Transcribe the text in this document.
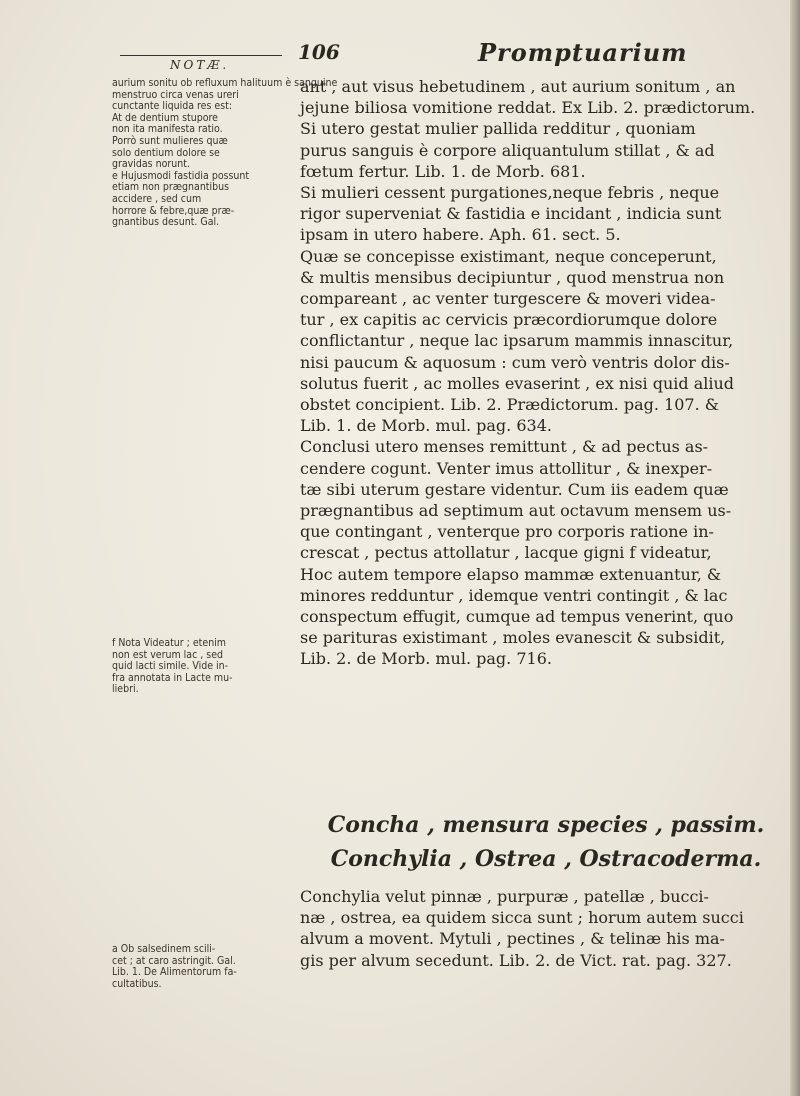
NOTÆ.
106	Promptuarium
aurium sonitu ob refluxum halituum è sanguine
menstruo circa venas ureri
cunctante liquida res est:
At de dentium stupore
non ita manifesta ratio.
Porrò sunt mulieres quæ
solo dentium dolore se
gravidas norunt.
e Hujusmodi fastidia possunt
etiam non prægnantibus
accidere , sed cum
horrore & febre,quæ præ-
gnantibus desunt. Gal.
f Nota Videatur ; etenim
non est verum lac , sed
quid lacti simile. Vide in-
fra annotata in Lacte mu-
liebri.
a Ob salsedinem scili-
cet ; at caro astringit. Gal.
Lib. 1. De Alimentorum fa-
cultatibus.
ant , aut visus hebetudinem , aut aurium sonitum , an
jejune biliosa vomitione reddat. Ex Lib. 2. prædictorum.
Si utero gestat mulier pallida redditur , quoniam
purus sanguis è corpore aliquantulum stillat , & ad
fœtum fertur. Lib. 1. de Morb. 681.
Si mulieri cessent purgationes,neque febris , neque
rigor superveniat & fastidia e incidant , indicia sunt
ipsam in utero habere. Aph. 61. sect. 5.
Quæ se concepisse existimant, neque conceperunt,
& multis mensibus decipiuntur , quod menstrua non
compareant , ac venter turgescere & moveri videa-
tur , ex capitis ac cervicis præcordiorumque dolore
conflictantur , neque lac ipsarum mammis innascitur,
nisi paucum & aquosum : cum verò ventris dolor dis-
solutus fuerit , ac molles evaserint , ex nisi quid aliud
obstet concipient. Lib. 2. Prædictorum. pag. 107. &
Lib. 1. de Morb. mul. pag. 634.
Conclusi utero menses remittunt , & ad pectus as-
cendere cogunt. Venter imus attollitur , & inexper-
tæ sibi uterum gestare videntur. Cum iis eadem quæ
prægnantibus ad septimum aut octavum mensem us-
que contingant , venterque pro corporis ratione in-
crescat , pectus attollatur , lacque gigni f videatur,
Hoc autem tempore elapso mammæ extenuantur, &
minores redduntur , idemque ventri contingit , & lac
conspectum effugit, cumque ad tempus venerint, quo
se parituras existimant , moles evanescit & subsidit,
Lib. 2. de Morb. mul. pag. 716.
Concha , mensura species , passim.
Conchylia , Ostrea , Ostracoderma.
Conchylia velut pinnæ , purpuræ , patellæ , bucci-
næ , ostrea, ea quidem sicca sunt ; horum autem succi
alvum a movent. Mytuli , pectines , & telinæ his ma-
gis per alvum secedunt. Lib. 2. de Vict. rat. pag. 327.
